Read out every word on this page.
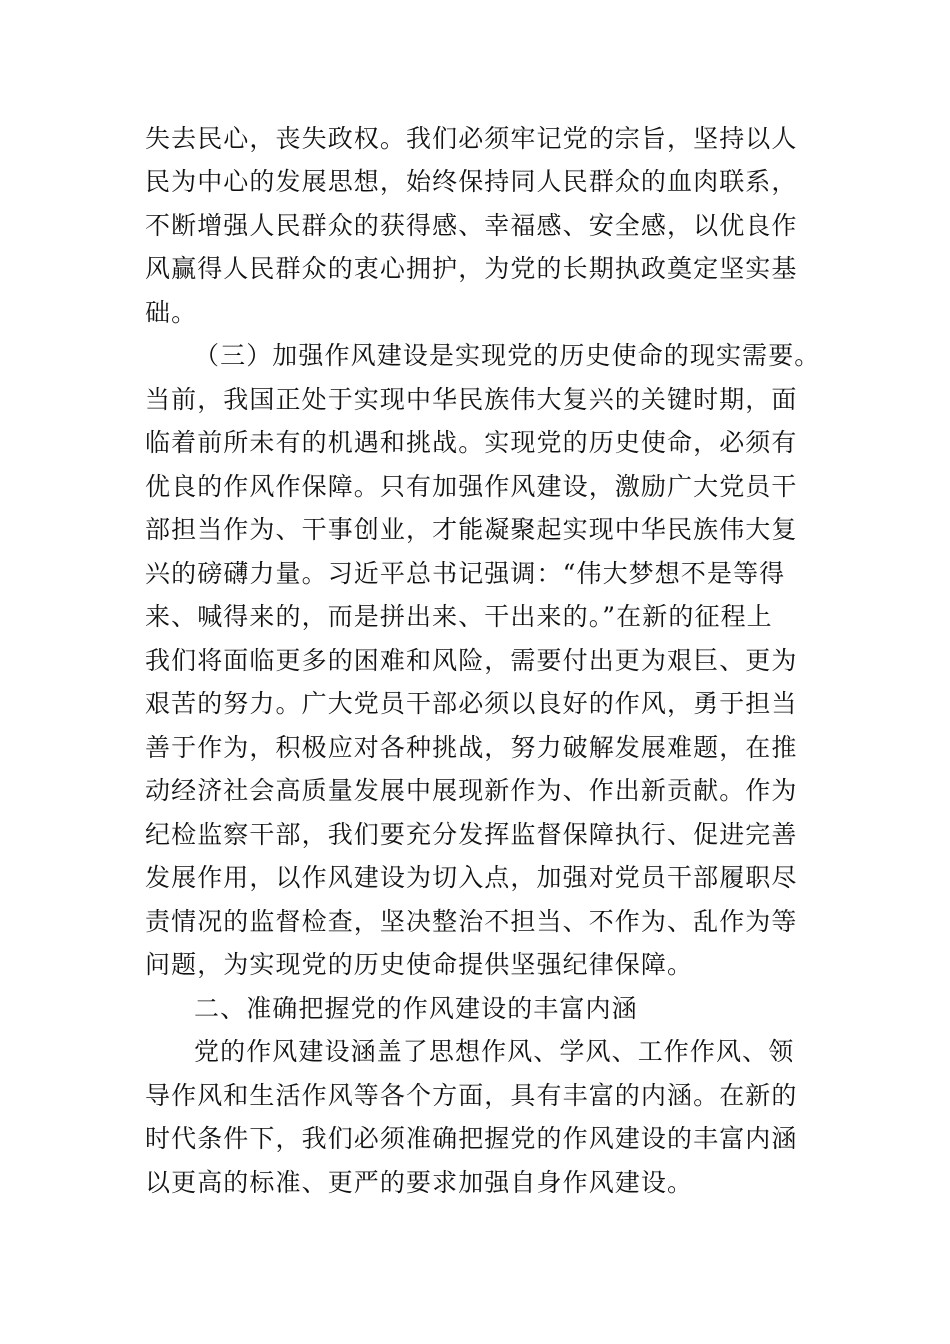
失去民心，丧失政权。我们必须牢记党的宗旨，坚持以人

民为中心的发展思想，始终保持同人民群众的血肉联系，

不断增强人民群众的获得感、幸福感、安全感，以优良作

风赢得人民群众的衷心拥护，为党的长期执政奠定坚实基

础。

（三）加强作风建设是实现党的历史使命的现实需要。

当前，我国正处于实现中华民族伟大复兴的关键时期，面

临着前所未有的机遇和挑战。实现党的历史使命，必须有

优良的作风作保障。只有加强作风建设，激励广大党员干

部担当作为、干事创业，才能凝聚起实现中华民族伟大复

兴的磅礴力量。习近平总书记强调：“伟大梦想不是等得

来、喊得来的，而是拼出来、干出来的。”在新的征程上

我们将面临更多的困难和风险，需要付出更为艰巨、更为

艰苦的努力。广大党员干部必须以良好的作风，勇于担当

善于作为，积极应对各种挑战，努力破解发展难题，在推

动经济社会高质量发展中展现新作为、作出新贡献。作为

纪检监察干部，我们要充分发挥监督保障执行、促进完善

发展作用，以作风建设为切入点，加强对党员干部履职尽

责情况的监督检查，坚决整治不担当、不作为、乱作为等

问题，为实现党的历史使命提供坚强纪律保障。

二、准确把握党的作风建设的丰富内涵

党的作风建设涵盖了思想作风、学风、工作作风、领

导作风和生活作风等各个方面，具有丰富的内涵。在新的

时代条件下，我们必须准确把握党的作风建设的丰富内涵

以更高的标准、更严的要求加强自身作风建设。
